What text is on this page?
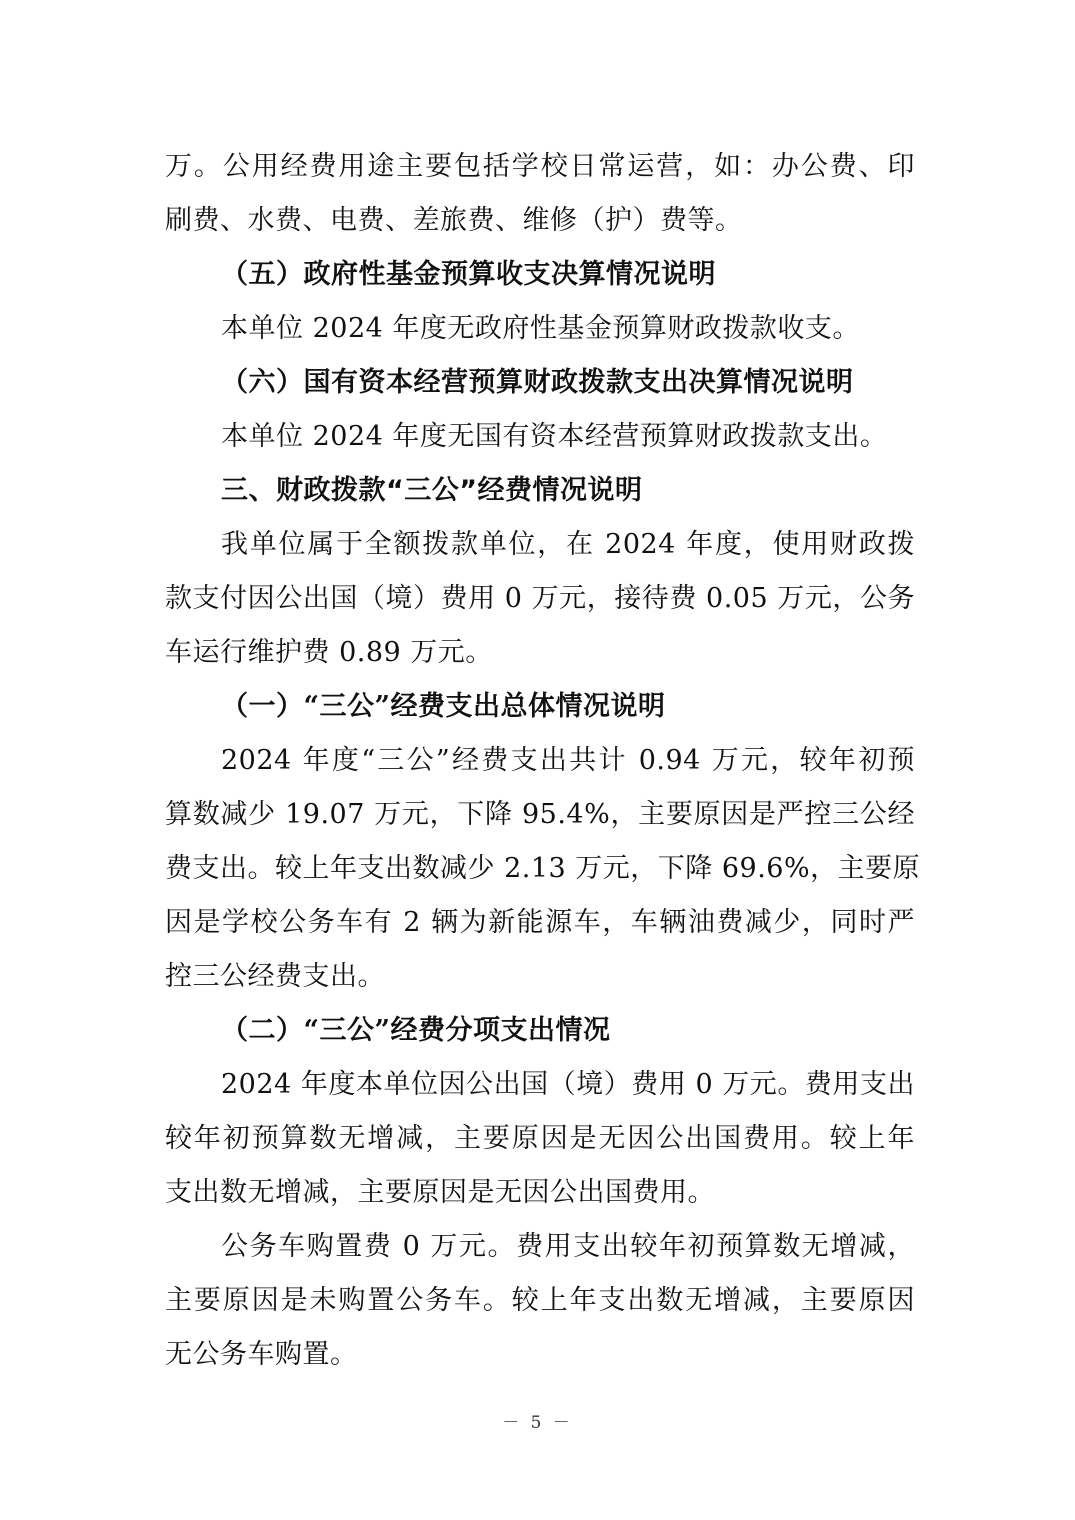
万。公用经费用途主要包括学校日常运营，如：办公费、印
刷费、水费、电费、差旅费、维修（护）费等。
（五）政府性基金预算收支决算情况说明
本单位 2024 年度无政府性基金预算财政拨款收支。
（六）国有资本经营预算财政拨款支出决算情况说明
本单位 2024 年度无国有资本经营预算财政拨款支出。
三、财政拨款“三公”经费情况说明
我单位属于全额拨款单位，在 2024 年度，使用财政拨
款支付因公出国（境）费用 0 万元，接待费 0.05 万元，公务
车运行维护费 0.89 万元。
（一）“三公”经费支出总体情况说明
2024 年度“三公”经费支出共计 0.94 万元，较年初预
算数减少 19.07 万元，下降 95.4%，主要原因是严控三公经
费支出。较上年支出数减少 2.13 万元，下降 69.6%，主要原
因是学校公务车有 2 辆为新能源车，车辆油费减少，同时严
控三公经费支出。
（二）“三公”经费分项支出情况
2024 年度本单位因公出国（境）费用 0 万元。费用支出
较年初预算数无增减，主要原因是无因公出国费用。较上年
支出数无增减，主要原因是无因公出国费用。
公务车购置费 0 万元。费用支出较年初预算数无增减，
主要原因是未购置公务车。较上年支出数无增减，主要原因
无公务车购置。
－ 5 －
